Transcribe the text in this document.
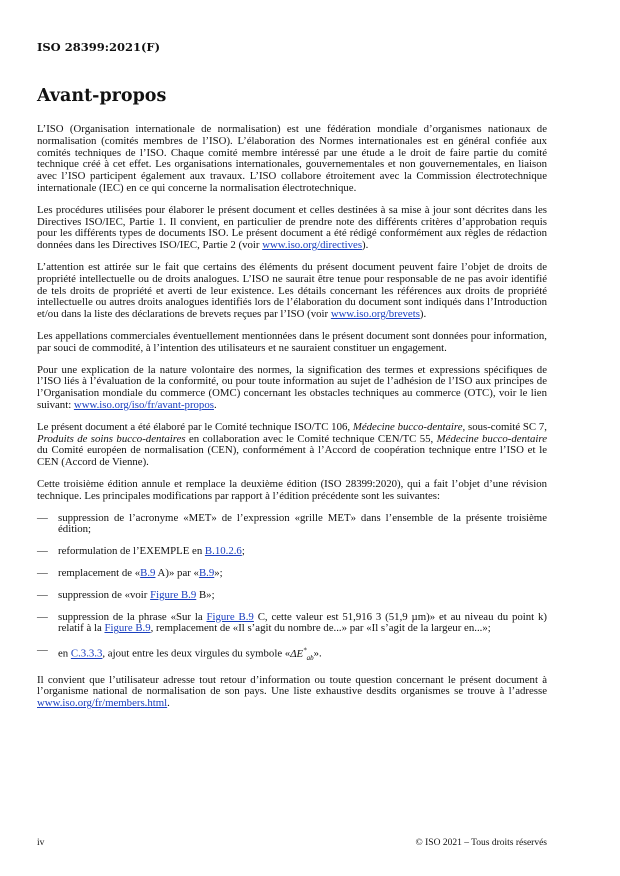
ISO 28399:2021(F)
Avant-propos

L’ISO (Organisation internationale de normalisation) est une fédération mondiale d’organismes nationaux de normalisation (comités membres de l’ISO). L’élaboration des Normes internationales est en général confiée aux comités techniques de l’ISO. Chaque comité membre intéressé par une étude a le droit de faire partie du comité technique créé à cet effet. Les organisations internationales, gouvernementales et non gouvernementales, en liaison avec l’ISO participent également aux travaux. L’ISO collabore étroitement avec la Commission électrotechnique internationale (IEC) en ce qui concerne la normalisation électrotechnique.

Les procédures utilisées pour élaborer le présent document et celles destinées à sa mise à jour sont décrites dans les Directives ISO/IEC, Partie 1. Il convient, en particulier de prendre note des différents critères d’approbation requis pour les différents types de documents ISO. Le présent document a été rédigé conformément aux règles de rédaction données dans les Directives ISO/IEC, Partie 2 (voir www.iso.org/directives).

L’attention est attirée sur le fait que certains des éléments du présent document peuvent faire l’objet de droits de propriété intellectuelle ou de droits analogues. L’ISO ne saurait être tenue pour responsable de ne pas avoir identifié de tels droits de propriété et averti de leur existence. Les détails concernant les références aux droits de propriété intellectuelle ou autres droits analogues identifiés lors de l’élaboration du document sont indiqués dans l’Introduction et/ou dans la liste des déclarations de brevets reçues par l’ISO (voir www.iso.org/brevets).

Les appellations commerciales éventuellement mentionnées dans le présent document sont données pour information, par souci de commodité, à l’intention des utilisateurs et ne sauraient constituer un engagement.

Pour une explication de la nature volontaire des normes, la signification des termes et expressions spécifiques de l’ISO liés à l’évaluation de la conformité, ou pour toute information au sujet de l’adhésion de l’ISO aux principes de l’Organisation mondiale du commerce (OMC) concernant les obstacles techniques au commerce (OTC), voir le lien suivant: www.iso.org/iso/fr/avant-propos.

Le présent document a été élaboré par le Comité technique ISO/TC 106, Médecine bucco-dentaire, sous-comité SC 7, Produits de soins bucco-dentaires en collaboration avec le Comité technique CEN/TC 55, Médecine bucco-dentaire du Comité européen de normalisation (CEN), conformément à l’Accord de coopération technique entre l’ISO et le CEN (Accord de Vienne).

Cette troisième édition annule et remplace la deuxième édition (ISO 28399:2020), qui a fait l’objet d’une révision technique. Les principales modifications par rapport à l’édition précédente sont les suivantes:

— suppression de l’acronyme «MET» de l’expression «grille MET» dans l’ensemble de la présente troisième édition;
— reformulation de l’EXEMPLE en B.10.2.6;
— remplacement de «B.9 A)» par «B.9»;
— suppression de «voir Figure B.9 B»;
— suppression de la phrase «Sur la Figure B.9 C, cette valeur est 51,916 3 (51,9 µm)» et au niveau du point k) relatif à la Figure B.9, remplacement de «Il s’agit du nombre de...» par «Il s’agit de la largeur en...»;
— en C.3.3.3, ajout entre les deux virgules du symbole «$\Delta E^*_{ab}$».

Il convient que l’utilisateur adresse tout retour d’information ou toute question concernant le présent document à l’organisme national de normalisation de son pays. Une liste exhaustive desdits organismes se trouve à l’adresse www.iso.org/fr/members.html.

iv	© ISO 2021 – Tous droits réservés
